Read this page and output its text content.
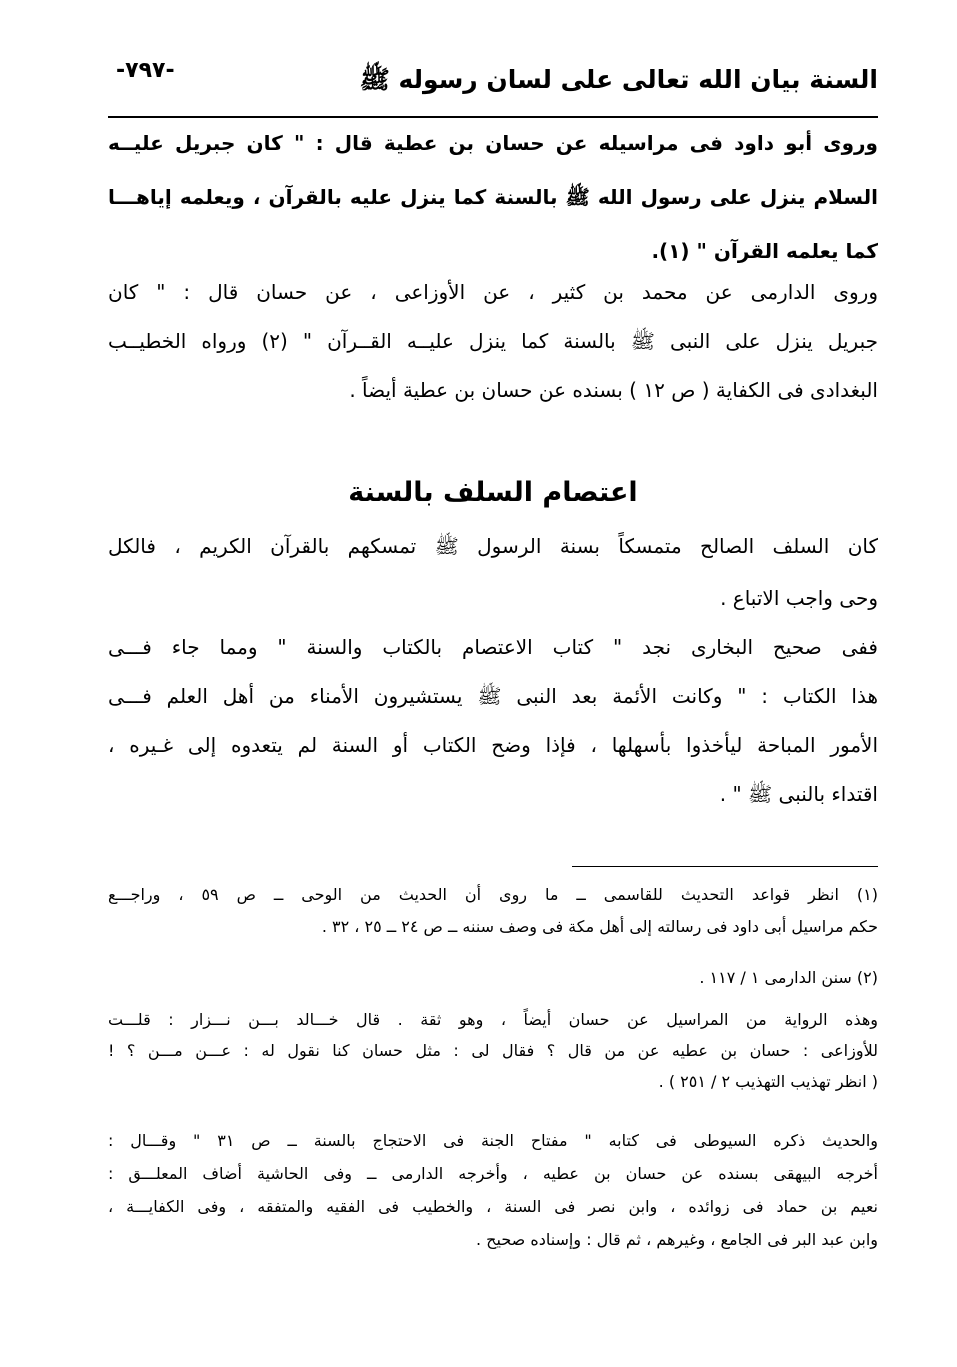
السنة بيان الله تعالى على لسان رسوله ﷺ
-٧٩٧-
وروى أبو داود فى مراسيله عن حسان بن عطية قال : " كان جبريل عليــه
السلام ينزل على رسول الله ﷺ بالسنة كما ينزل عليه بالقرآن ، ويعلمه إياهـــا
كما يعلمه القرآن " (١).
وروى الدارمى عن محمد بن كثير ، عن الأوزاعى ، عن حسان قال : " كان
جبريل ينزل على النبى ﷺ بالسنة كما ينزل عليــه القــرآن " (٢) ورواه الخطيــب
البغدادى فى الكفاية ( ص ١٢ ) بسنده عن حسان بن عطية أيضاً .
اعتصام السلف بالسنة
كان السلف الصالح متمسكاً بسنة الرسول ﷺ تمسكهم بالقرآن الكريم ، فالكل
وحى واجب الاتباع .
ففى صحيح البخارى نجد " كتاب الاعتصام بالكتاب والسنة " ومما جاء فـــى
هذا الكتاب : " وكانت الأئمة بعد النبى ﷺ يستشيرون الأمناء من أهل العلم فـــى
الأمور المباحة ليأخذوا بأسهلها ، فإذا وضح الكتاب أو السنة لم يتعدوه إلى غـيره ،
اقتداء بالنبى ﷺ " .
(١) انظر قواعد التحديث للقاسمى ــ ما روى أن الحديث من الوحى ــ ص ٥٩ ، وراجـــع
حكم مراسيل أبى داود فى رسالته إلى أهل مكة فى وصف سننه ــ ص ٢٤ ــ ٢٥ ، ٣٢ .
(٢) سنن الدارمى ١ / ١١٧ .
وهذه الرواية من المراسيل عن حسان أيضاً ، وهو ثقة . قال خـــالد بـــن نـــزار : قلـــت
للأوزاعى : حسان بن عطيه عن من قال ؟ فقال لى : مثل حسان كنا نقول له : عـــن مـــن ؟ !
( انظر تهذيب التهذيب ٢ / ٢٥١ ) .
والحديث ذكره السيوطى فى كتابه " مفتاح الجنة فى الاحتجاج بالسنة ــ ص ٣١ " وقـــال :
أخرجه البيهقى بسنده عن حسان بن عطيه ، وأخرجه الدارمى ــ وفى الحاشية أضاف المعلـــق :
نعيم بن حماد فى زوائده ، وابن نصر فى السنة ، والخطيب فى الفقيه والمتفقه ، وفى الكفايـــة ،
وابن عبد البر فى الجامع ، وغيرهم ، ثم قال : وإسناده صحيح .
